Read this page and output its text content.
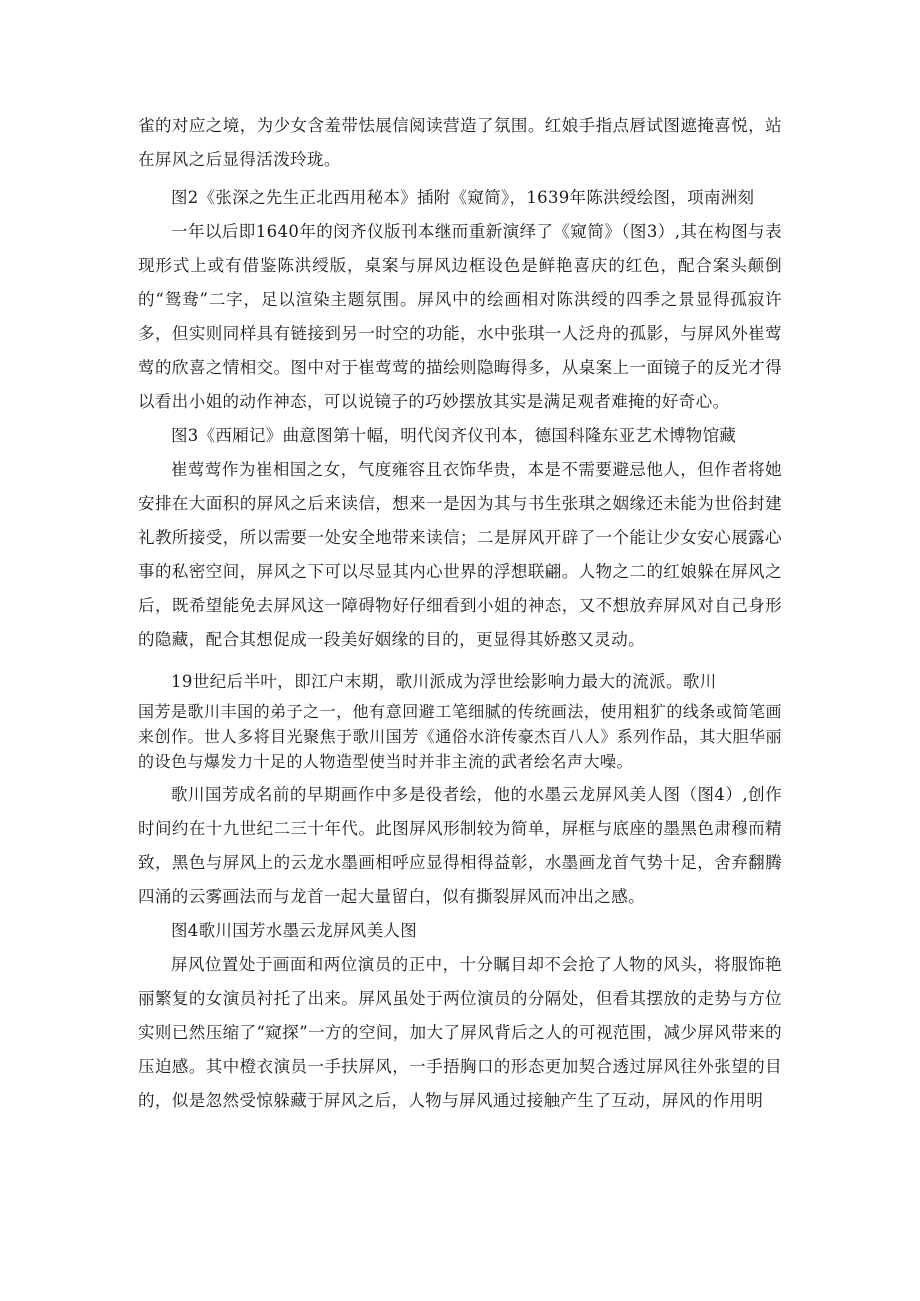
雀的对应之境，为少女含羞带怯展信阅读营造了氛围。红娘手指点唇试图遮掩喜悦，站在屏风之后显得活泼玲珑。

图2《张深之先生正北西用秘本》插附《窥简》，1639年陈洪绶绘图，项南洲刻

一年以后即1640年的闵齐仪版刊本继而重新演绎了《窥简》（图3）,其在构图与表现形式上或有借鉴陈洪绶版，桌案与屏风边框设色是鲜艳喜庆的红色，配合案头颠倒的“鸳鸯”二字，足以渲染主题氛围。屏风中的绘画相对陈洪绶的四季之景显得孤寂许多，但实则同样具有链接到另一时空的功能，水中张琪一人泛舟的孤影，与屏风外崔莺莺的欣喜之情相交。图中对于崔莺莺的描绘则隐晦得多，从桌案上一面镜子的反光才得以看出小姐的动作神态，可以说镜子的巧妙摆放其实是满足观者难掩的好奇心。

图3《西厢记》曲意图第十幅，明代闵齐仪刊本，德国科隆东亚艺术博物馆藏

崔莺莺作为崔相国之女，气度雍容且衣饰华贵，本是不需要避忌他人，但作者将她安排在大面积的屏风之后来读信，想来一是因为其与书生张琪之姻缘还未能为世俗封建礼教所接受，所以需要一处安全地带来读信；二是屏风开辟了一个能让少女安心展露心事的私密空间，屏风之下可以尽显其内心世界的浮想联翩。人物之二的红娘躲在屏风之后，既希望能免去屏风这一障碍物好仔细看到小姐的神态，又不想放弃屏风对自己身形的隐藏，配合其想促成一段美好姻缘的目的，更显得其娇憨又灵动。

19世纪后半叶，即江户末期，歌川派成为浮世绘影响力最大的流派。歌川

国芳是歌川丰国的弟子之一，他有意回避工笔细腻的传统画法，使用粗犷的线条或简笔画来创作。世人多将目光聚焦于歌川国芳《通俗水浒传豪杰百八人》系列作品，其大胆华丽的设色与爆发力十足的人物造型使当时并非主流的武者绘名声大噪。

歌川国芳成名前的早期画作中多是役者绘，他的水墨云龙屏风美人图（图4）,创作时间约在十九世纪二三十年代。此图屏风形制较为简单，屏框与底座的墨黑色肃穆而精致，黑色与屏风上的云龙水墨画相呼应显得相得益彰，水墨画龙首气势十足，舍弃翻腾四涌的云雾画法而与龙首一起大量留白，似有撕裂屏风而冲出之感。

图4歌川国芳水墨云龙屏风美人图

屏风位置处于画面和两位演员的正中，十分瞩目却不会抢了人物的风头，将服饰艳丽繁复的女演员衬托了出来。屏风虽处于两位演员的分隔处，但看其摆放的走势与方位实则已然压缩了“窥探”一方的空间，加大了屏风背后之人的可视范围，减少屏风带来的压迫感。其中橙衣演员一手扶屏风，一手捂胸口的形态更加契合透过屏风往外张望的目的，似是忽然受惊躲藏于屏风之后，人物与屏风通过接触产生了互动，屏风的作用明
